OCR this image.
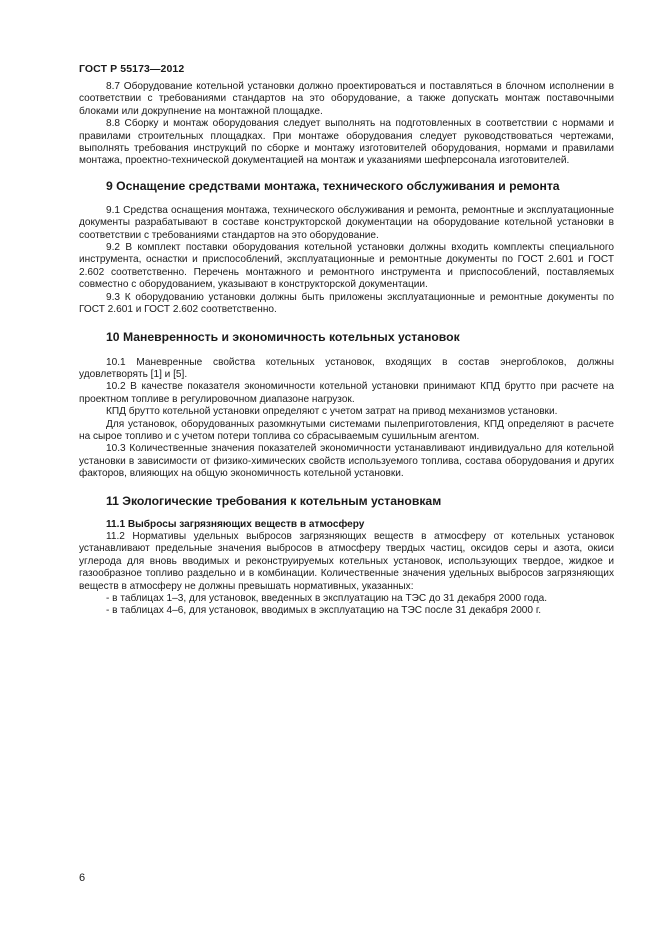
ГОСТ Р 55173—2012

8.7 Оборудование котельной установки должно проектироваться и поставляться в блочном исполнении в соответствии с требованиями стандартов на это оборудование, а также допускать монтаж поставочными блоками или докрупнение на монтажной площадке.

8.8 Сборку и монтаж оборудования следует выполнять на подготовленных в соответствии с нормами и правилами строительных площадках. При монтаже оборудования следует руководствоваться чертежами, выполнять требования инструкций по сборке и монтажу изготовителей оборудования, нормами и правилами монтажа, проектно-технической документацией на монтаж и указаниями шефперсонала изготовителей.

9 Оснащение средствами монтажа, технического обслуживания и ремонта

9.1 Средства оснащения монтажа, технического обслуживания и ремонта, ремонтные и эксплуатационные документы разрабатывают в составе конструкторской документации на оборудование котельной установки в соответствии с требованиями стандартов на это оборудование.

9.2 В комплект поставки оборудования котельной установки должны входить комплекты специального инструмента, оснастки и приспособлений, эксплуатационные и ремонтные документы по ГОСТ 2.601 и ГОСТ 2.602 соответственно. Перечень монтажного и ремонтного инструмента и приспособлений, поставляемых совместно с оборудованием, указывают в конструкторской документации.

9.3 К оборудованию установки должны быть приложены эксплуатационные и ремонтные документы по ГОСТ 2.601 и ГОСТ 2.602 соответственно.

10 Маневренность и экономичность котельных установок

10.1 Маневренные свойства котельных установок, входящих в состав энергоблоков, должны удовлетворять [1] и [5].

10.2 В качестве показателя экономичности котельной установки принимают КПД брутто при расчете на проектном топливе в регулировочном диапазоне нагрузок.

КПД брутто котельной установки определяют с учетом затрат на привод механизмов установки.

Для установок, оборудованных разомкнутыми системами пылеприготовления, КПД определяют в расчете на сырое топливо и с учетом потери топлива со сбрасываемым сушильным агентом.

10.3 Количественные значения показателей экономичности устанавливают индивидуально для котельной установки в зависимости от физико-химических свойств используемого топлива, состава оборудования и других факторов, влияющих на общую экономичность котельной установки.

11 Экологические требования к котельным установкам
11.1 Выбросы загрязняющих веществ в атмосферу

11.2 Нормативы удельных выбросов загрязняющих веществ в атмосферу от котельных установок устанавливают предельные значения выбросов в атмосферу твердых частиц, оксидов серы и азота, окиси углерода для вновь вводимых и реконструируемых котельных установок, использующих твердое, жидкое и газообразное топливо раздельно и в комбинации. Количественные значения удельных выбросов загрязняющих веществ в атмосферу не должны превышать нормативных, указанных:

- в таблицах 1–3, для установок, введенных в эксплуатацию на ТЭС до 31 декабря 2000 года.

- в таблицах 4–6, для установок, вводимых в эксплуатацию на ТЭС после 31 декабря 2000 г.

6
